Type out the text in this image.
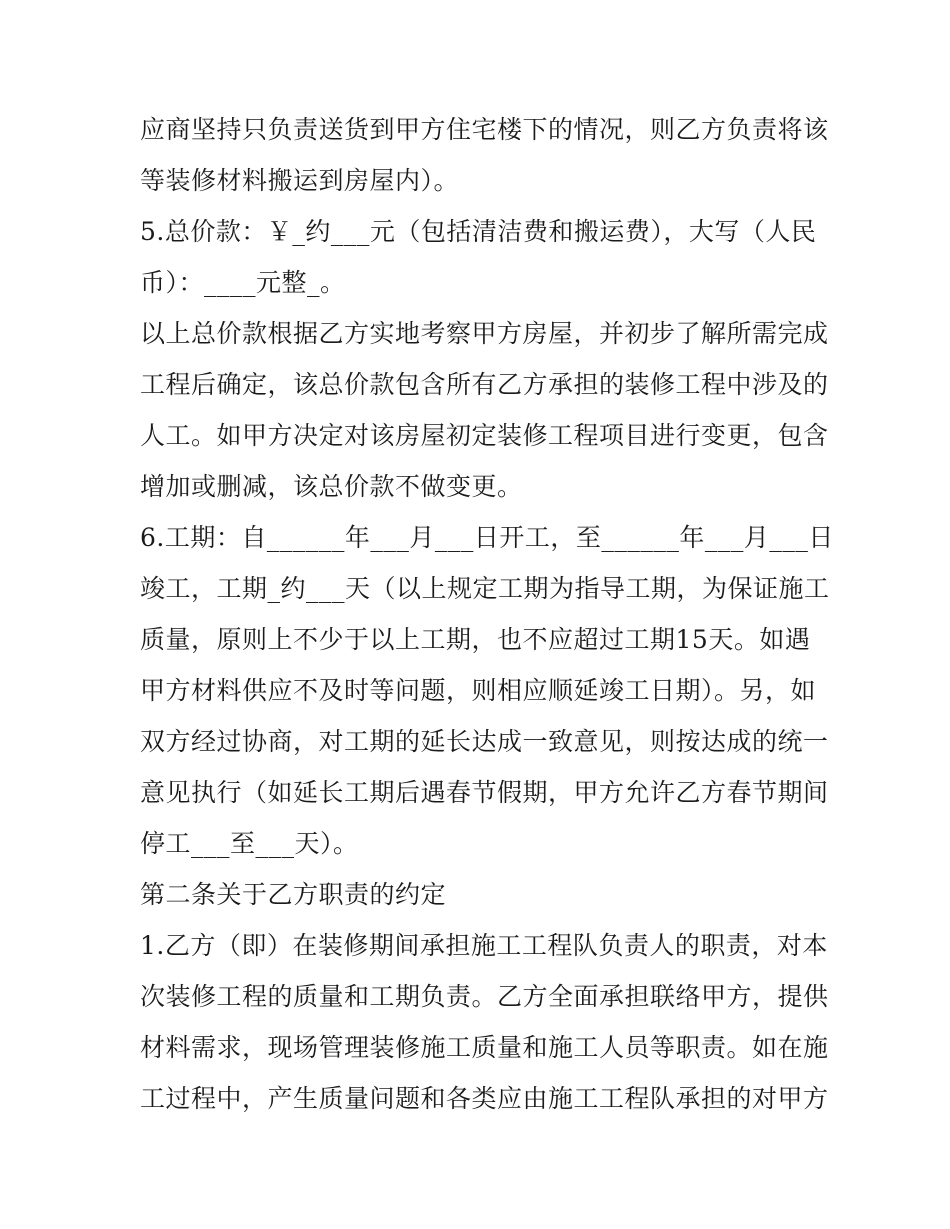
应商坚持只负责送货到甲方住宅楼下的情况，则乙方负责将该
等装修材料搬运到房屋内）。
5.总价款：￥_约___元（包括清洁费和搬运费），大写（人民
币）：____元整_。
以上总价款根据乙方实地考察甲方房屋，并初步了解所需完成
工程后确定，该总价款包含所有乙方承担的装修工程中涉及的
人工。如甲方决定对该房屋初定装修工程项目进行变更，包含
增加或删减，该总价款不做变更。
6.工期：自______年___月___日开工，至______年___月___日
竣工，工期_约___天（以上规定工期为指导工期，为保证施工
质量，原则上不少于以上工期，也不应超过工期15天。如遇
甲方材料供应不及时等问题，则相应顺延竣工日期）。另，如
双方经过协商，对工期的延长达成一致意见，则按达成的统一
意见执行（如延长工期后遇春节假期，甲方允许乙方春节期间
停工___至___天）。
第二条关于乙方职责的约定
1.乙方（即）在装修期间承担施工工程队负责人的职责，对本
次装修工程的质量和工期负责。乙方全面承担联络甲方，提供
材料需求，现场管理装修施工质量和施工人员等职责。如在施
工过程中，产生质量问题和各类应由施工工程队承担的对甲方
